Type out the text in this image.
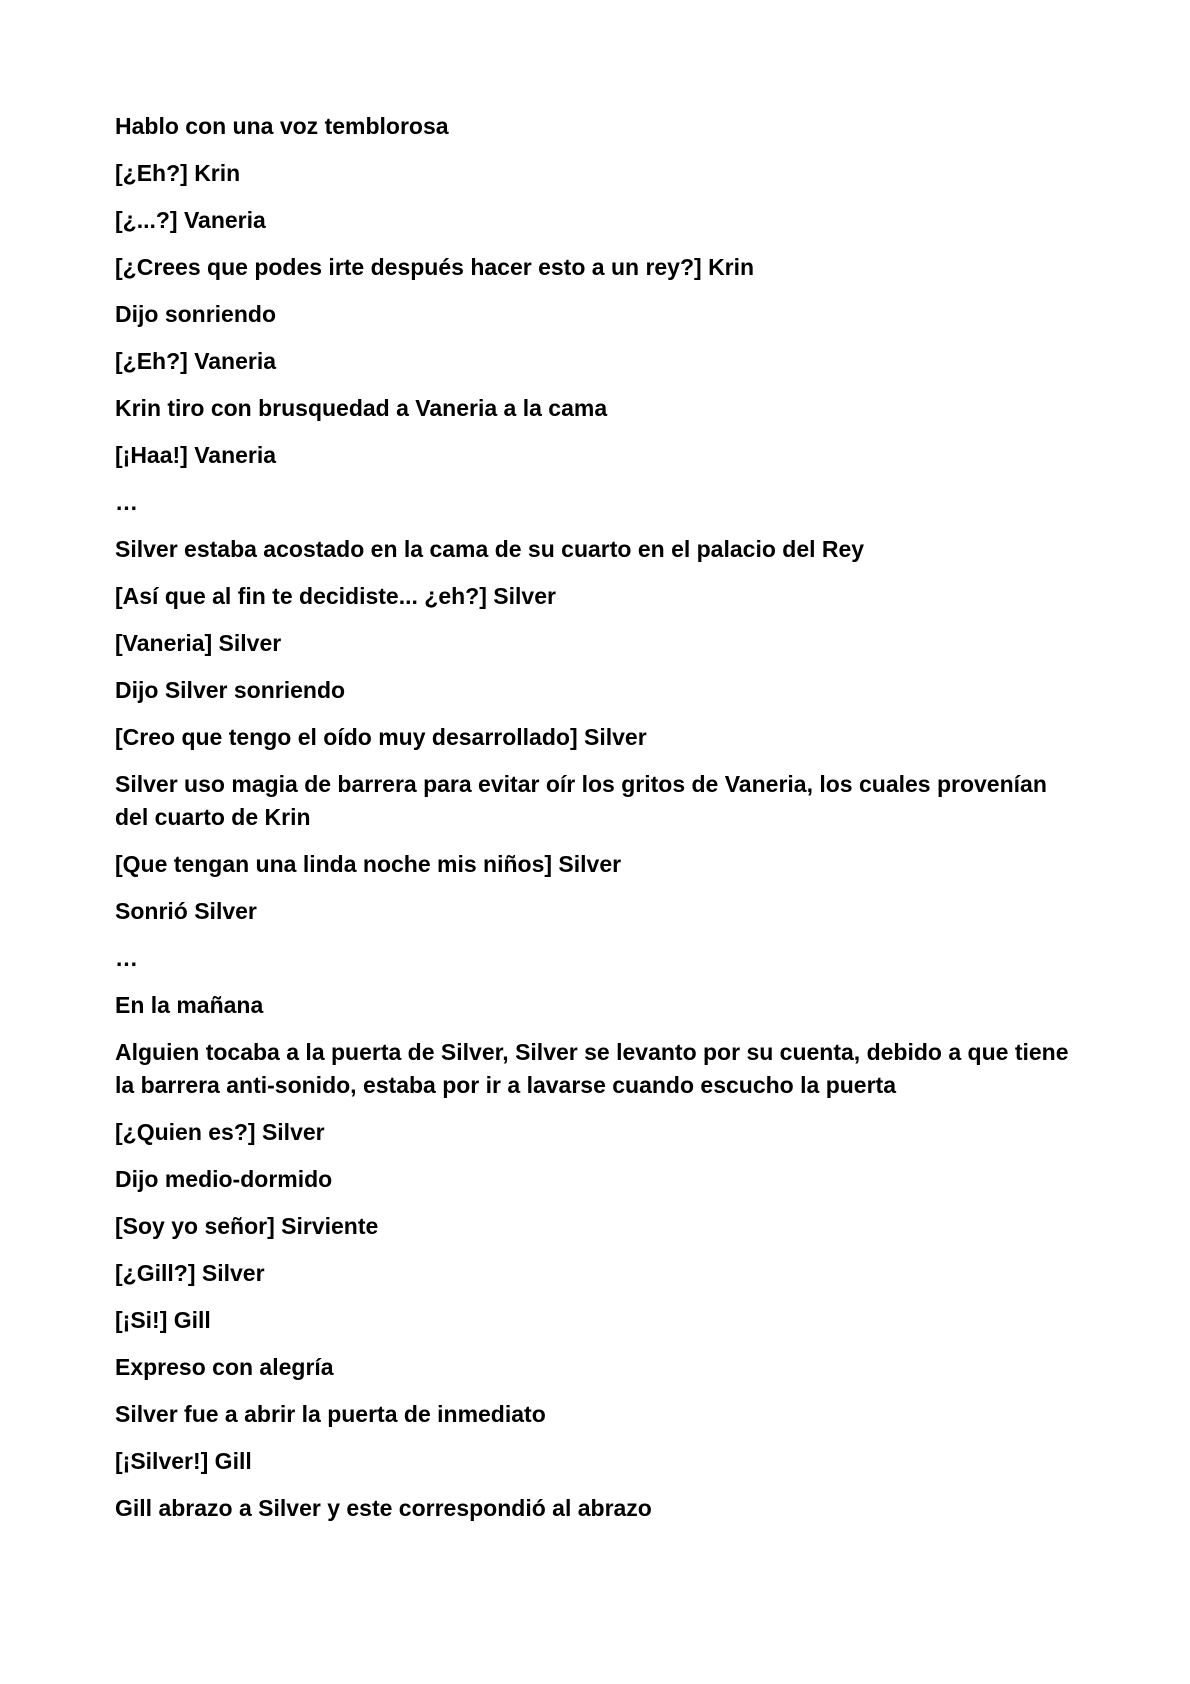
Hablo con una voz temblorosa

[¿Eh?] Krin

[¿...?] Vaneria

[¿Crees que podes irte después hacer esto a un rey?] Krin

Dijo sonriendo

[¿Eh?] Vaneria

Krin tiro con brusquedad a Vaneria a la cama

[¡Haa!] Vaneria

…

Silver estaba acostado en la cama de su cuarto en el palacio del Rey

[Así que al fin te decidiste... ¿eh?] Silver

[Vaneria] Silver

Dijo Silver sonriendo

[Creo que tengo el oído muy desarrollado] Silver

Silver uso magia de barrera para evitar oír los gritos de Vaneria, los cuales provenían del cuarto de Krin

[Que tengan una linda noche mis niños] Silver

Sonrió Silver

…

En la mañana

Alguien tocaba a la puerta de Silver, Silver se levanto por su cuenta, debido a que tiene la barrera anti-sonido, estaba por ir a lavarse cuando escucho la puerta

[¿Quien es?] Silver

Dijo medio-dormido

[Soy yo señor] Sirviente

[¿Gill?] Silver

[¡Si!] Gill

Expreso con alegría

Silver fue a abrir la puerta de inmediato

[¡Silver!] Gill

Gill abrazo a Silver y este correspondió al abrazo
